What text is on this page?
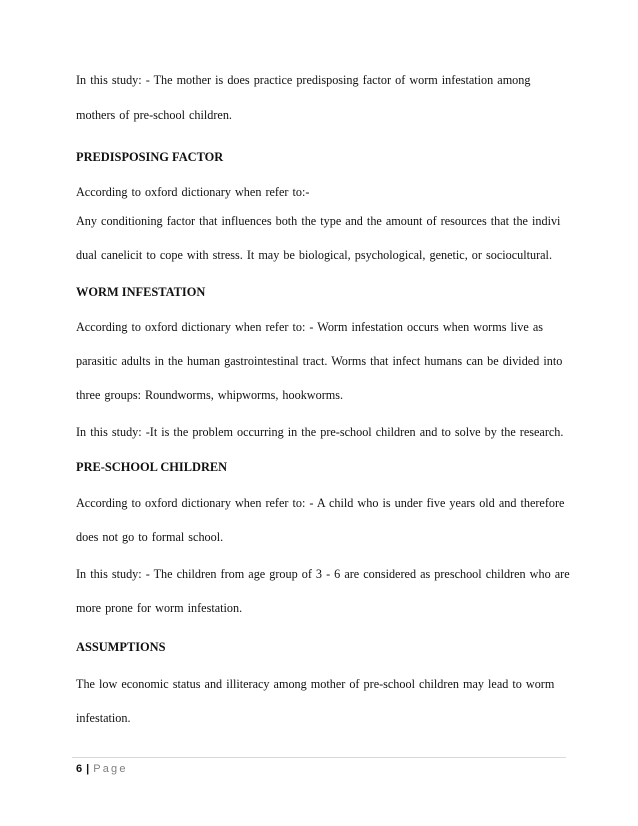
In this study: - The mother is does practice predisposing factor of worm infestation among
mothers of pre-school children.
PREDISPOSING FACTOR
According to oxford dictionary when refer to:-
Any conditioning factor that influences both the type and the amount of resources that the indivi
dual canelicit to cope with stress. It may be biological, psychological, genetic, or sociocultural.
WORM INFESTATION
According to oxford dictionary when refer to: - Worm infestation occurs when worms live as
parasitic adults in the human gastrointestinal tract. Worms that infect humans can be divided into
three groups: Roundworms, whipworms, hookworms.
In this study: -It is the problem occurring in the pre-school children and to solve by the research.
PRE-SCHOOL CHILDREN
According to oxford dictionary when refer to: - A child who is under five years old and therefore
does not go to formal school.
In this study: - The children from age group of 3 - 6 are considered as preschool children who are
more prone for worm infestation.
ASSUMPTIONS
The low economic status and illiteracy among mother of pre-school children may lead to worm
infestation.
6 | Page
